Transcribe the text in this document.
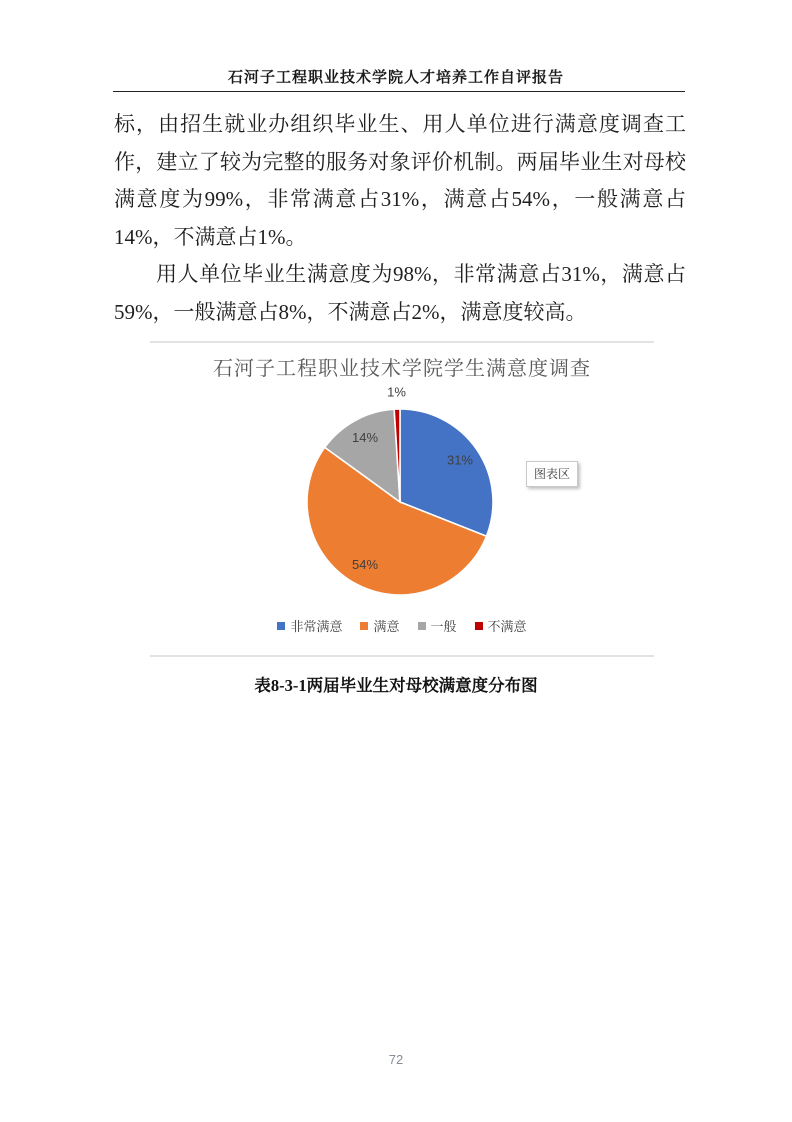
石河子工程职业技术学院人才培养工作自评报告

标，由招生就业办组织毕业生、用人单位进行满意度调查工作，建立了较为完整的服务对象评价机制。两届毕业生对母校满意度为99%，非常满意占31%，满意占54%，一般满意占14%，不满意占1%。

用人单位毕业生满意度为98%，非常满意占31%，满意占59%，一般满意占8%，不满意占2%，满意度较高。

石河子工程职业技术学院学生满意度调查
31%
54%
14%
1%
图表区
非常满意 满意 一般 不满意
表8-3-1两届毕业生对母校满意度分布图
72
